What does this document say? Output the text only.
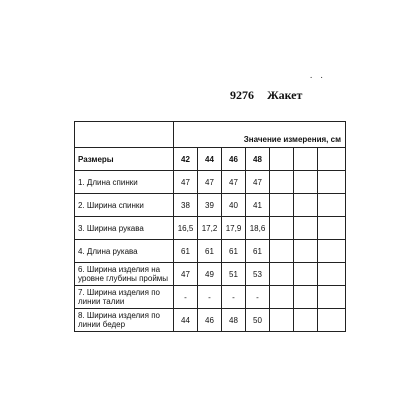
. .
9276 Жакет
	Значение измерения, см						
Размеры	42	44	46	48			
1. Длина спинки	47	47	47	47			
2. Ширина спинки	38	39	40	41			
3. Ширина рукава	16,5	17,2	17,9	18,6			
4. Длина рукава	61	61	61	61			
6. Ширина изделия на уровне глубины проймы	47	49	51	53			
7. Ширина изделия по линии талии	-	-	-	-			
8. Ширина изделия по линии бедер	44	46	48	50			
